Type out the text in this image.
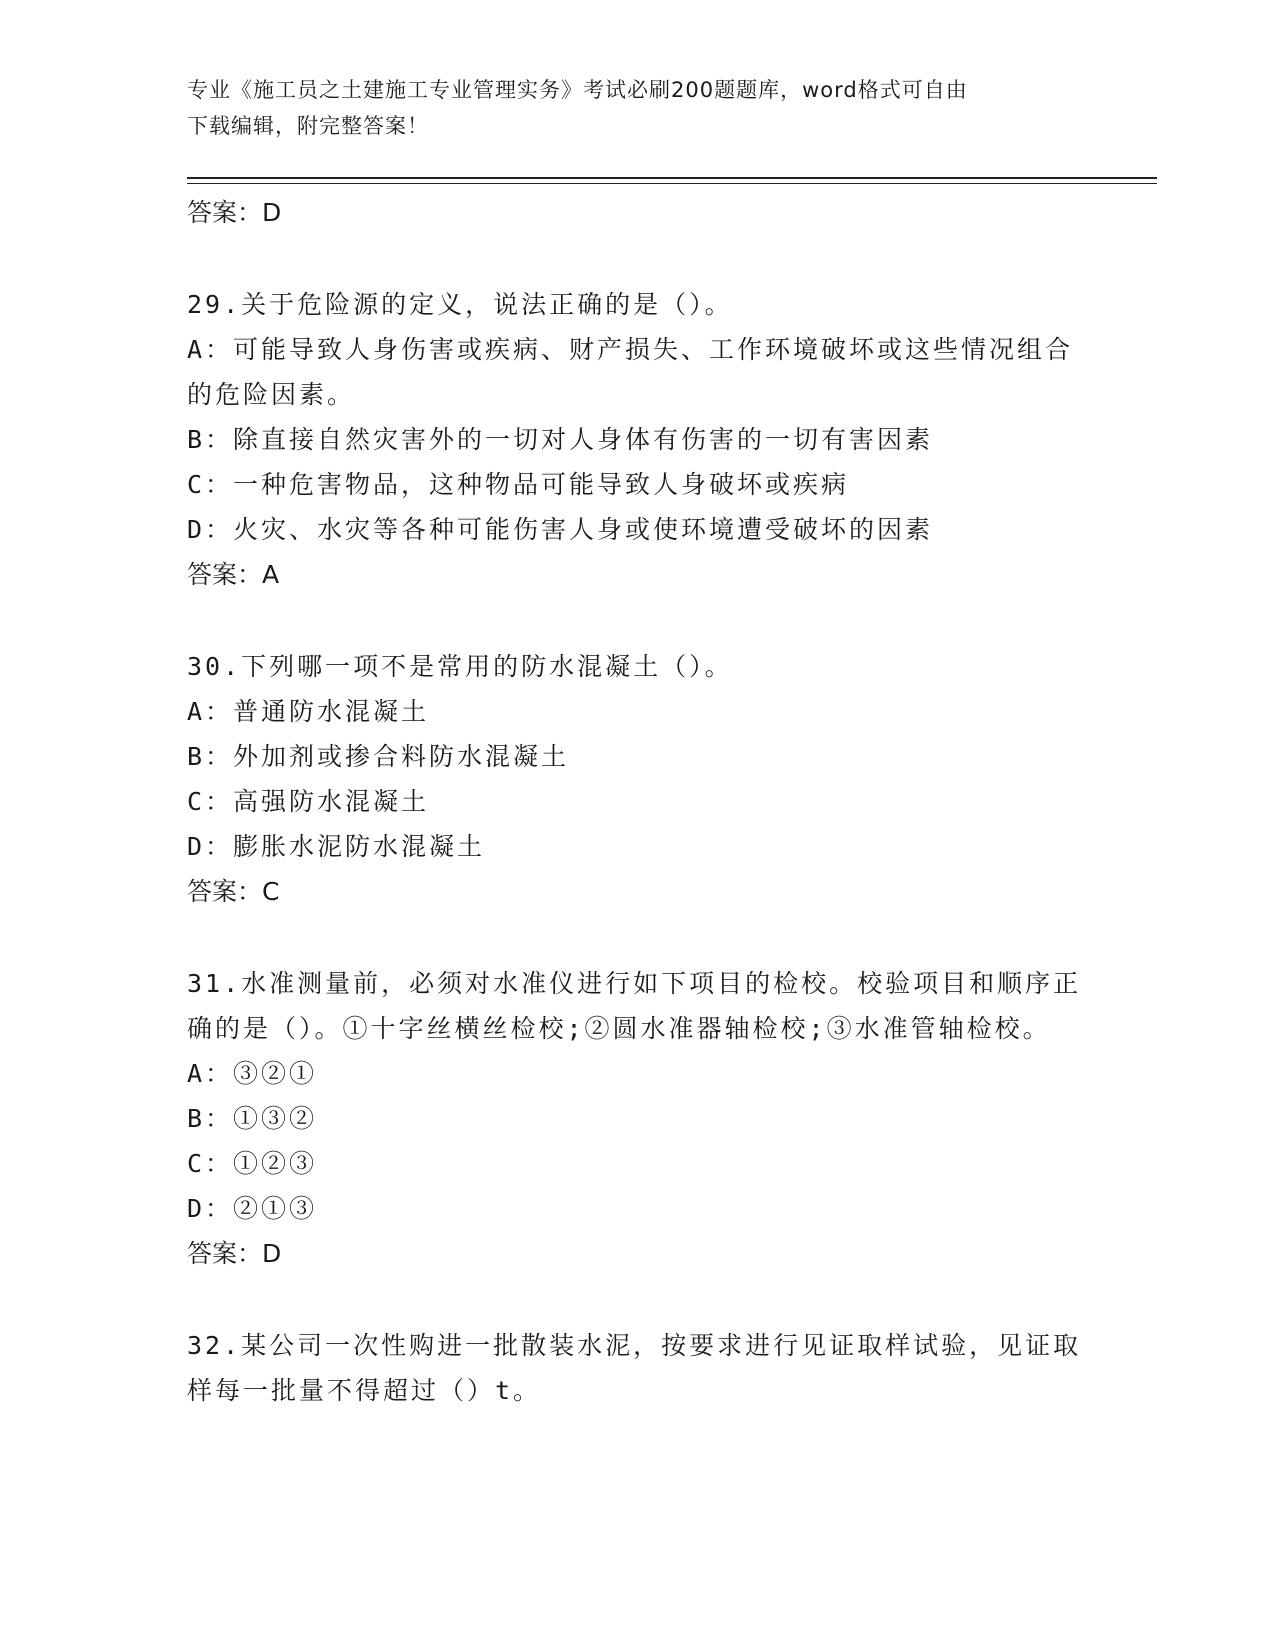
专业《施工员之土建施工专业管理实务》考试必刷200题题库，word格式可自由
下载编辑，附完整答案！
答案：D

29.关于危险源的定义，说法正确的是（）。

A：可能导致人身伤害或疾病、财产损失、工作环境破坏或这些情况组合的危险因素。

B：除直接自然灾害外的一切对人身体有伤害的一切有害因素
C：一种危害物品，这种物品可能导致人身破坏或疾病
D：火灾、水灾等各种可能伤害人身或使环境遭受破坏的因素
答案：A

30.下列哪一项不是常用的防水混凝土（）。

A：普通防水混凝土
B：外加剂或掺合料防水混凝土
C：高强防水混凝土
D：膨胀水泥防水混凝土
答案：C

31.水准测量前，必须对水准仪进行如下项目的检校。校验项目和顺序正确的是（）。①十字丝横丝检校;②圆水准器轴检校;③水准管轴检校。

A：③②①
B：①③②
C：①②③
D：②①③
答案：D

32.某公司一次性购进一批散装水泥，按要求进行见证取样试验，见证取样每一批量不得超过（）t。
